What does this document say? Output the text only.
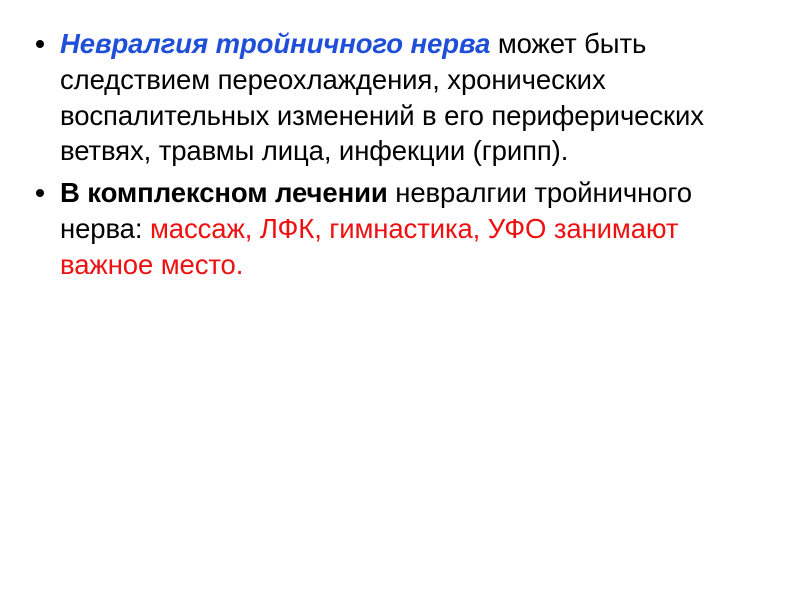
Невралгия тройничного нерва может быть следствием переохлаждения, хронических воспалительных изменений в его периферических ветвях, травмы лица, инфекции (грипп).
В комплексном лечении невралгии тройничного нерва: массаж, ЛФК, гимнастика, УФО занимают важное место.
